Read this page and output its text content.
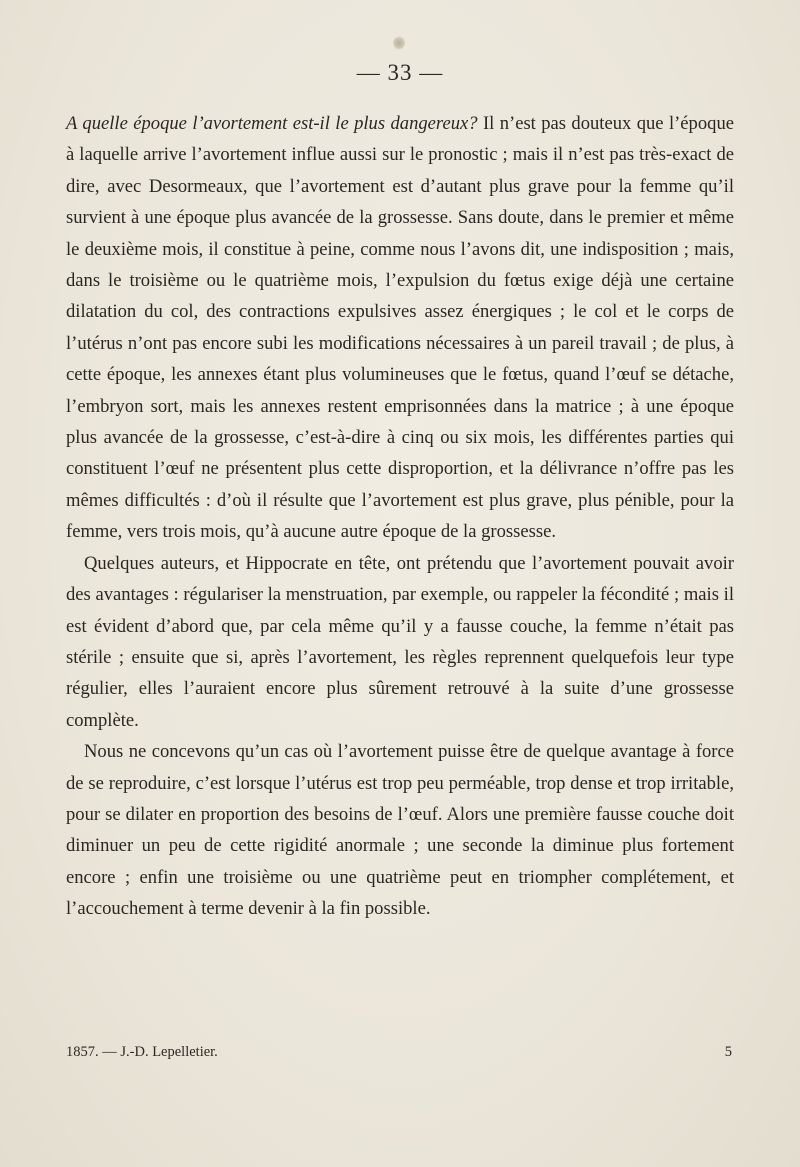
— 33 —

A quelle époque l’avortement est-il le plus dangereux? Il n’est pas douteux que l’époque à laquelle arrive l’avortement influe aussi sur le pronostic ; mais il n’est pas très-exact de dire, avec Desormeaux, que l’avortement est d’autant plus grave pour la femme qu’il survient à une époque plus avancée de la grossesse. Sans doute, dans le premier et même le deuxième mois, il constitue à peine, comme nous l’avons dit, une indisposition ; mais, dans le troisième ou le quatrième mois, l’expulsion du fœtus exige déjà une certaine dilatation du col, des contractions expulsives assez énergiques ; le col et le corps de l’utérus n’ont pas encore subi les modifications nécessaires à un pareil travail ; de plus, à cette époque, les annexes étant plus volumineuses que le fœtus, quand l’œuf se détache, l’embryon sort, mais les annexes restent emprisonnées dans la matrice ; à une époque plus avancée de la grossesse, c’est-à-dire à cinq ou six mois, les différentes parties qui constituent l’œuf ne présentent plus cette disproportion, et la délivrance n’offre pas les mêmes difficultés : d’où il résulte que l’avortement est plus grave, plus pénible, pour la femme, vers trois mois, qu’à aucune autre époque de la grossesse.

Quelques auteurs, et Hippocrate en tête, ont prétendu que l’avortement pouvait avoir des avantages : régulariser la menstruation, par exemple, ou rappeler la fécondité ; mais il est évident d’abord que, par cela même qu’il y a fausse couche, la femme n’était pas stérile ; ensuite que si, après l’avortement, les règles reprennent quelquefois leur type régulier, elles l’auraient encore plus sûrement retrouvé à la suite d’une grossesse complète.

Nous ne concevons qu’un cas où l’avortement puisse être de quelque avantage à force de se reproduire, c’est lorsque l’utérus est trop peu perméable, trop dense et trop irritable, pour se dilater en proportion des besoins de l’œuf. Alors une première fausse couche doit diminuer un peu de cette rigidité anormale ; une seconde la diminue plus fortement encore ; enfin une troisième ou une quatrième peut en triompher complétement, et l’accouchement à terme devenir à la fin possible.

1857. — J.-D. Lepelletier.	5
